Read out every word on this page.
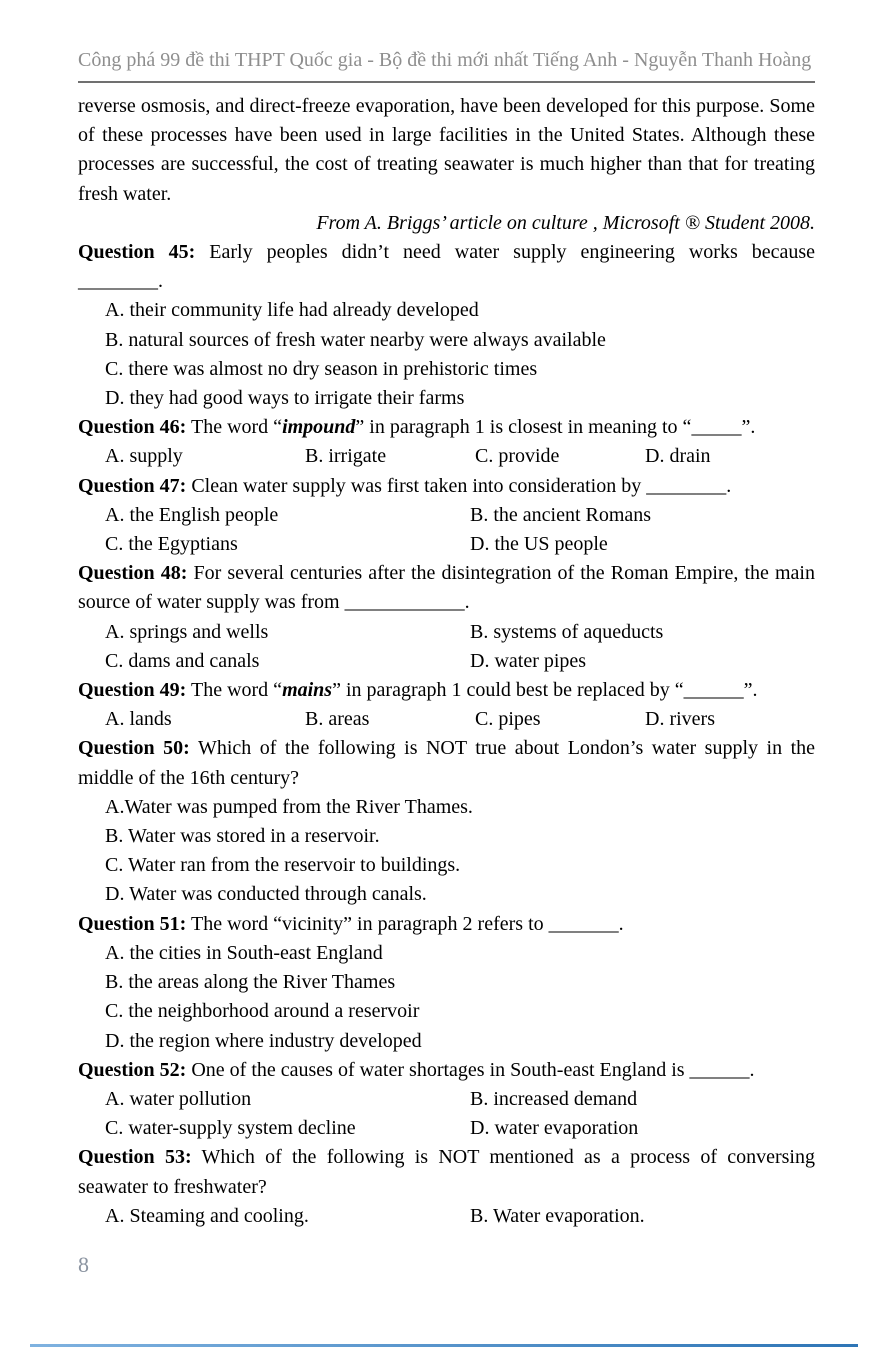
Công phá 99 đề thi THPT Quốc gia - Bộ đề thi mới nhất Tiếng Anh - Nguyễn Thanh Hoàng
reverse osmosis, and direct-freeze evaporation, have been developed for this purpose. Some of these processes have been used in large facilities in the United States. Although these processes are successful, the cost of treating seawater is much higher than that for treating fresh water.
From A. Briggs’ article on culture , Microsoft ® Student 2008.
Question 45: Early peoples didn’t need water supply engineering works because ________.
A. their community life had already developed
B. natural sources of fresh water nearby were always available
C. there was almost no dry season in prehistoric times
D. they had good ways to irrigate their farms
Question 46: The word “impound” in paragraph 1 is closest in meaning to “_____”.
A. supply	B. irrigate	C. provide	D. drain
Question 47: Clean water supply was first taken into consideration by ________.
A. the English people	B. the ancient Romans
C. the Egyptians	D. the US people
Question 48: For several centuries after the disintegration of the Roman Empire, the main source of water supply was from ____________.
A. springs and wells	B. systems of aqueducts
C. dams and canals	D. water pipes
Question 49: The word “mains” in paragraph 1 could best be replaced by “______”.
A. lands	B. areas	C. pipes	D. rivers
Question 50: Which of the following is NOT true about London’s water supply in the middle of the 16th century?
A.Water was pumped from the River Thames.
B. Water was stored in a reservoir.
C. Water ran from the reservoir to buildings.
D. Water was conducted through canals.
Question 51: The word “vicinity” in paragraph 2 refers to _______.
A. the cities in South-east England
B. the areas along the River Thames
C. the neighborhood around a reservoir
D. the region where industry developed
Question 52: One of the causes of water shortages in South-east England is ______.
A. water pollution	B. increased demand
C. water-supply system decline	D. water evaporation
Question 53: Which of the following is NOT mentioned as a process of conversing seawater to freshwater?
A. Steaming and cooling.	B. Water evaporation.
8
